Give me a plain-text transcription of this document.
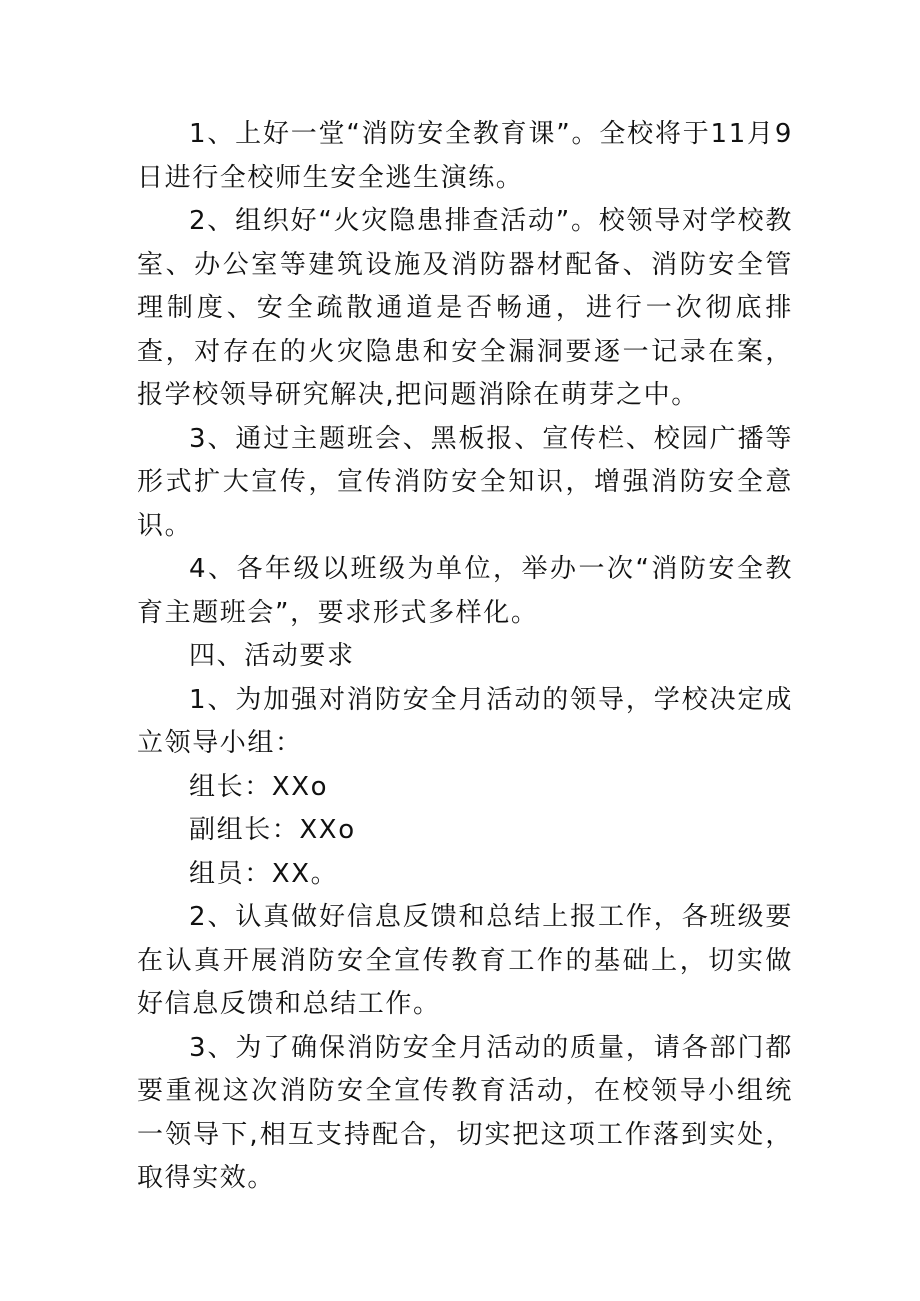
1、上好一堂“消防安全教育课”。全校将于11月9日进行全校师生安全逃生演练。

2、组织好“火灾隐患排查活动”。校领导对学校教室、办公室等建筑设施及消防器材配备、消防安全管理制度、安全疏散通道是否畅通，进行一次彻底排查，对存在的火灾隐患和安全漏洞要逐一记录在案，报学校领导研究解决,把问题消除在萌芽之中。

3、通过主题班会、黑板报、宣传栏、校园广播等形式扩大宣传，宣传消防安全知识，增强消防安全意识。

4、各年级以班级为单位，举办一次“消防安全教育主题班会”，要求形式多样化。

四、活动要求

1、为加强对消防安全月活动的领导，学校决定成立领导小组：

组长：XXo

副组长：XXo

组员：XX。

2、认真做好信息反馈和总结上报工作，各班级要在认真开展消防安全宣传教育工作的基础上，切实做好信息反馈和总结工作。

3、为了确保消防安全月活动的质量，请各部门都要重视这次消防安全宣传教育活动，在校领导小组统一领导下,相互支持配合，切实把这项工作落到实处，取得实效。
